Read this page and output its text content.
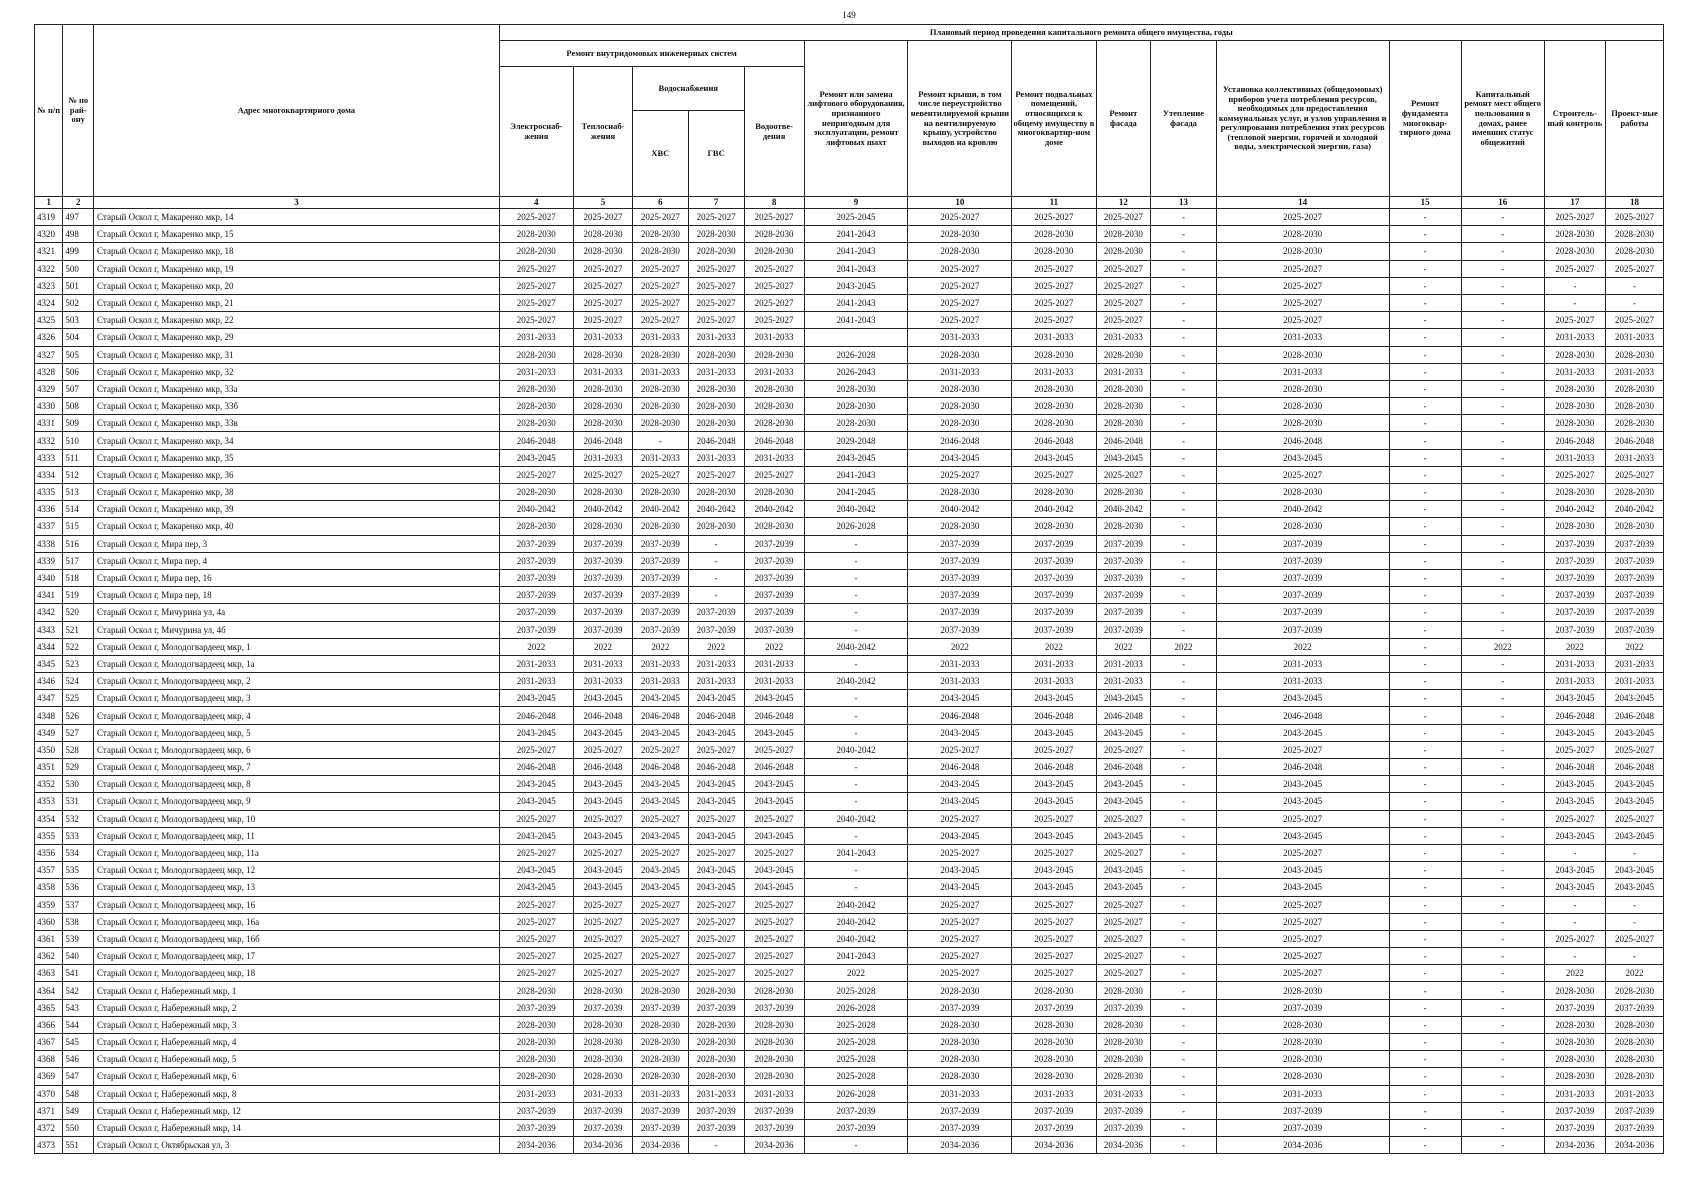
149
№ п/п	№ по рай-ону	Адрес многоквартирного дома	Плановый период проведения капитального ремонта общего имущества, годы														
			Ремонт внутридомовых инженерных систем					Ремонт или замена лифтового оборудования, признанного непригодным для эксплуатации, ремонт лифтовых шахт	Ремонт крыши, в том числе переустройство невентилируемой крыши на вентилируемую крышу, устройство выходов на кровлю	Ремонт подвальных помещений, относящихся к общему имуществу в многоквартир-ном доме	Ремонт фасада	Утепление фасада	Установка коллективных (общедомовых) приборов учета потребления ресурсов, необходимых для предоставления коммунальных услуг, и узлов управления и регулирования потребления этих ресурсов (тепловой энергии, горячей и холодной воды, электрической энергии, газа)	Ремонт фундамента многоквар-тирного дома	Капитальный ремонт мест общего пользования в домах, ранее имевших статус общежитий	Строитель-ный контроль	Проект-ные работы
			Электроснаб-жения	Теплоснаб-жения	Водоснабжения		Водоотве-дения										
					ХВС	ГВС											
1	2	3	4	5	6	7	8	9	10	11	12	13	14	15	16	17	18
4319	497	Старый Оскол г, Макаренко мкр, 14	2025-2027	2025-2027	2025-2027	2025-2027	2025-2027	2025-2045	2025-2027	2025-2027	2025-2027	-	2025-2027	-	-	2025-2027	2025-2027
4320	498	Старый Оскол г, Макаренко мкр, 15	2028-2030	2028-2030	2028-2030	2028-2030	2028-2030	2041-2043	2028-2030	2028-2030	2028-2030	-	2028-2030	-	-	2028-2030	2028-2030
4321	499	Старый Оскол г, Макаренко мкр, 18	2028-2030	2028-2030	2028-2030	2028-2030	2028-2030	2041-2043	2028-2030	2028-2030	2028-2030	-	2028-2030	-	-	2028-2030	2028-2030
4322	500	Старый Оскол г, Макаренко мкр, 19	2025-2027	2025-2027	2025-2027	2025-2027	2025-2027	2041-2043	2025-2027	2025-2027	2025-2027	-	2025-2027	-	-	2025-2027	2025-2027
4323	501	Старый Оскол г, Макаренко мкр, 20	2025-2027	2025-2027	2025-2027	2025-2027	2025-2027	2043-2045	2025-2027	2025-2027	2025-2027	-	2025-2027	-	-	-	-
4324	502	Старый Оскол г, Макаренко мкр, 21	2025-2027	2025-2027	2025-2027	2025-2027	2025-2027	2041-2043	2025-2027	2025-2027	2025-2027	-	2025-2027	-	-	-	-
4325	503	Старый Оскол г, Макаренко мкр, 22	2025-2027	2025-2027	2025-2027	2025-2027	2025-2027	2041-2043	2025-2027	2025-2027	2025-2027	-	2025-2027	-	-	2025-2027	2025-2027
4326	504	Старый Оскол г, Макаренко мкр, 29	2031-2033	2031-2033	2031-2033	2031-2033	2031-2033		2031-2033	2031-2033	2031-2033	-	2031-2033	-	-	2031-2033	2031-2033
4327	505	Старый Оскол г, Макаренко мкр, 31	2028-2030	2028-2030	2028-2030	2028-2030	2028-2030	2026-2028	2028-2030	2028-2030	2028-2030	-	2028-2030	-	-	2028-2030	2028-2030
4328	506	Старый Оскол г, Макаренко мкр, 32	2031-2033	2031-2033	2031-2033	2031-2033	2031-2033	2026-2043	2031-2033	2031-2033	2031-2033	-	2031-2033	-	-	2031-2033	2031-2033
4329	507	Старый Оскол г, Макаренко мкр, 33а	2028-2030	2028-2030	2028-2030	2028-2030	2028-2030	2028-2030	2028-2030	2028-2030	2028-2030	-	2028-2030	-	-	2028-2030	2028-2030
4330	508	Старый Оскол г, Макаренко мкр, 33б	2028-2030	2028-2030	2028-2030	2028-2030	2028-2030	2028-2030	2028-2030	2028-2030	2028-2030	-	2028-2030	-	-	2028-2030	2028-2030
4331	509	Старый Оскол г, Макаренко мкр, 33в	2028-2030	2028-2030	2028-2030	2028-2030	2028-2030	2028-2030	2028-2030	2028-2030	2028-2030	-	2028-2030	-	-	2028-2030	2028-2030
4332	510	Старый Оскол г, Макаренко мкр, 34	2046-2048	2046-2048	-	2046-2048	2046-2048	2029-2048	2046-2048	2046-2048	2046-2048	-	2046-2048	-	-	2046-2048	2046-2048
4333	511	Старый Оскол г, Макаренко мкр, 35	2043-2045	2031-2033	2031-2033	2031-2033	2031-2033	2043-2045	2043-2045	2043-2045	2043-2045	-	2043-2045	-	-	2031-2033	2031-2033
4334	512	Старый Оскол г, Макаренко мкр, 36	2025-2027	2025-2027	2025-2027	2025-2027	2025-2027	2041-2043	2025-2027	2025-2027	2025-2027	-	2025-2027	-	-	2025-2027	2025-2027
4335	513	Старый Оскол г, Макаренко мкр, 38	2028-2030	2028-2030	2028-2030	2028-2030	2028-2030	2041-2045	2028-2030	2028-2030	2028-2030	-	2028-2030	-	-	2028-2030	2028-2030
4336	514	Старый Оскол г, Макаренко мкр, 39	2040-2042	2040-2042	2040-2042	2040-2042	2040-2042	2040-2042	2040-2042	2040-2042	2040-2042	-	2040-2042	-	-	2040-2042	2040-2042
4337	515	Старый Оскол г, Макаренко мкр, 40	2028-2030	2028-2030	2028-2030	2028-2030	2028-2030	2026-2028	2028-2030	2028-2030	2028-2030	-	2028-2030	-	-	2028-2030	2028-2030
4338	516	Старый Оскол г, Мира пер, 3	2037-2039	2037-2039	2037-2039	-	2037-2039	-	2037-2039	2037-2039	2037-2039	-	2037-2039	-	-	2037-2039	2037-2039
4339	517	Старый Оскол г, Мира пер, 4	2037-2039	2037-2039	2037-2039	-	2037-2039	-	2037-2039	2037-2039	2037-2039	-	2037-2039	-	-	2037-2039	2037-2039
4340	518	Старый Оскол г, Мира пер, 16	2037-2039	2037-2039	2037-2039	-	2037-2039	-	2037-2039	2037-2039	2037-2039	-	2037-2039	-	-	2037-2039	2037-2039
4341	519	Старый Оскол г, Мира пер, 18	2037-2039	2037-2039	2037-2039	-	2037-2039	-	2037-2039	2037-2039	2037-2039	-	2037-2039	-	-	2037-2039	2037-2039
4342	520	Старый Оскол г, Мичурина ул, 4а	2037-2039	2037-2039	2037-2039	2037-2039	2037-2039	-	2037-2039	2037-2039	2037-2039	-	2037-2039	-	-	2037-2039	2037-2039
4343	521	Старый Оскол г, Мичурина ул, 4б	2037-2039	2037-2039	2037-2039	2037-2039	2037-2039	-	2037-2039	2037-2039	2037-2039	-	2037-2039	-	-	2037-2039	2037-2039
4344	522	Старый Оскол г, Молодогвардеец мкр, 1	2022	2022	2022	2022	2022	2040-2042	2022	2022	2022	2022	2022	-	2022	2022	2022
4345	523	Старый Оскол г, Молодогвардеец мкр, 1а	2031-2033	2031-2033	2031-2033	2031-2033	2031-2033	-	2031-2033	2031-2033	2031-2033	-	2031-2033	-	-	2031-2033	2031-2033
4346	524	Старый Оскол г, Молодогвардеец мкр, 2	2031-2033	2031-2033	2031-2033	2031-2033	2031-2033	2040-2042	2031-2033	2031-2033	2031-2033	-	2031-2033	-	-	2031-2033	2031-2033
4347	525	Старый Оскол г, Молодогвардеец мкр, 3	2043-2045	2043-2045	2043-2045	2043-2045	2043-2045	-	2043-2045	2043-2045	2043-2045	-	2043-2045	-	-	2043-2045	2043-2045
4348	526	Старый Оскол г, Молодогвардеец мкр, 4	2046-2048	2046-2048	2046-2048	2046-2048	2046-2048	-	2046-2048	2046-2048	2046-2048	-	2046-2048	-	-	2046-2048	2046-2048
4349	527	Старый Оскол г, Молодогвардеец мкр, 5	2043-2045	2043-2045	2043-2045	2043-2045	2043-2045	-	2043-2045	2043-2045	2043-2045	-	2043-2045	-	-	2043-2045	2043-2045
4350	528	Старый Оскол г, Молодогвардеец мкр, 6	2025-2027	2025-2027	2025-2027	2025-2027	2025-2027	2040-2042	2025-2027	2025-2027	2025-2027	-	2025-2027	-	-	2025-2027	2025-2027
4351	529	Старый Оскол г, Молодогвардеец мкр, 7	2046-2048	2046-2048	2046-2048	2046-2048	2046-2048	-	2046-2048	2046-2048	2046-2048	-	2046-2048	-	-	2046-2048	2046-2048
4352	530	Старый Оскол г, Молодогвардеец мкр, 8	2043-2045	2043-2045	2043-2045	2043-2045	2043-2045	-	2043-2045	2043-2045	2043-2045	-	2043-2045	-	-	2043-2045	2043-2045
4353	531	Старый Оскол г, Молодогвардеец мкр, 9	2043-2045	2043-2045	2043-2045	2043-2045	2043-2045	-	2043-2045	2043-2045	2043-2045	-	2043-2045	-	-	2043-2045	2043-2045
4354	532	Старый Оскол г, Молодогвардеец мкр, 10	2025-2027	2025-2027	2025-2027	2025-2027	2025-2027	2040-2042	2025-2027	2025-2027	2025-2027	-	2025-2027	-	-	2025-2027	2025-2027
4355	533	Старый Оскол г, Молодогвардеец мкр, 11	2043-2045	2043-2045	2043-2045	2043-2045	2043-2045	-	2043-2045	2043-2045	2043-2045	-	2043-2045	-	-	2043-2045	2043-2045
4356	534	Старый Оскол г, Молодогвардеец мкр, 11а	2025-2027	2025-2027	2025-2027	2025-2027	2025-2027	2041-2043	2025-2027	2025-2027	2025-2027	-	2025-2027	-	-	-	-
4357	535	Старый Оскол г, Молодогвардеец мкр, 12	2043-2045	2043-2045	2043-2045	2043-2045	2043-2045	-	2043-2045	2043-2045	2043-2045	-	2043-2045	-	-	2043-2045	2043-2045
4358	536	Старый Оскол г, Молодогвардеец мкр, 13	2043-2045	2043-2045	2043-2045	2043-2045	2043-2045	-	2043-2045	2043-2045	2043-2045	-	2043-2045	-	-	2043-2045	2043-2045
4359	537	Старый Оскол г, Молодогвардеец мкр, 16	2025-2027	2025-2027	2025-2027	2025-2027	2025-2027	2040-2042	2025-2027	2025-2027	2025-2027	-	2025-2027	-	-	-	-
4360	538	Старый Оскол г, Молодогвардеец мкр, 16а	2025-2027	2025-2027	2025-2027	2025-2027	2025-2027	2040-2042	2025-2027	2025-2027	2025-2027	-	2025-2027	-	-	-	-
4361	539	Старый Оскол г, Молодогвардеец мкр, 16б	2025-2027	2025-2027	2025-2027	2025-2027	2025-2027	2040-2042	2025-2027	2025-2027	2025-2027	-	2025-2027	-	-	2025-2027	2025-2027
4362	540	Старый Оскол г, Молодогвардеец мкр, 17	2025-2027	2025-2027	2025-2027	2025-2027	2025-2027	2041-2043	2025-2027	2025-2027	2025-2027	-	2025-2027	-	-	-	-
4363	541	Старый Оскол г, Молодогвардеец мкр, 18	2025-2027	2025-2027	2025-2027	2025-2027	2025-2027	2022	2025-2027	2025-2027	2025-2027	-	2025-2027	-	-	2022	2022
4364	542	Старый Оскол г, Набережный мкр, 1	2028-2030	2028-2030	2028-2030	2028-2030	2028-2030	2025-2028	2028-2030	2028-2030	2028-2030	-	2028-2030	-	-	2028-2030	2028-2030
4365	543	Старый Оскол г, Набережный мкр, 2	2037-2039	2037-2039	2037-2039	2037-2039	2037-2039	2026-2028	2037-2039	2037-2039	2037-2039	-	2037-2039	-	-	2037-2039	2037-2039
4366	544	Старый Оскол г, Набережный мкр, 3	2028-2030	2028-2030	2028-2030	2028-2030	2028-2030	2025-2028	2028-2030	2028-2030	2028-2030	-	2028-2030	-	-	2028-2030	2028-2030
4367	545	Старый Оскол г, Набережный мкр, 4	2028-2030	2028-2030	2028-2030	2028-2030	2028-2030	2025-2028	2028-2030	2028-2030	2028-2030	-	2028-2030	-	-	2028-2030	2028-2030
4368	546	Старый Оскол г, Набережный мкр, 5	2028-2030	2028-2030	2028-2030	2028-2030	2028-2030	2025-2028	2028-2030	2028-2030	2028-2030	-	2028-2030	-	-	2028-2030	2028-2030
4369	547	Старый Оскол г, Набережный мкр, 6	2028-2030	2028-2030	2028-2030	2028-2030	2028-2030	2025-2028	2028-2030	2028-2030	2028-2030	-	2028-2030	-	-	2028-2030	2028-2030
4370	548	Старый Оскол г, Набережный мкр, 8	2031-2033	2031-2033	2031-2033	2031-2033	2031-2033	2026-2028	2031-2033	2031-2033	2031-2033	-	2031-2033	-	-	2031-2033	2031-2033
4371	549	Старый Оскол г, Набережный мкр, 12	2037-2039	2037-2039	2037-2039	2037-2039	2037-2039	2037-2039	2037-2039	2037-2039	2037-2039	-	2037-2039	-	-	2037-2039	2037-2039
4372	550	Старый Оскол г, Набережный мкр, 14	2037-2039	2037-2039	2037-2039	2037-2039	2037-2039	2037-2039	2037-2039	2037-2039	2037-2039	-	2037-2039	-	-	2037-2039	2037-2039
4373	551	Старый Оскол г, Октябрьская ул, 3	2034-2036	2034-2036	2034-2036	-	2034-2036	-	2034-2036	2034-2036	2034-2036	-	2034-2036	-	-	2034-2036	2034-2036
